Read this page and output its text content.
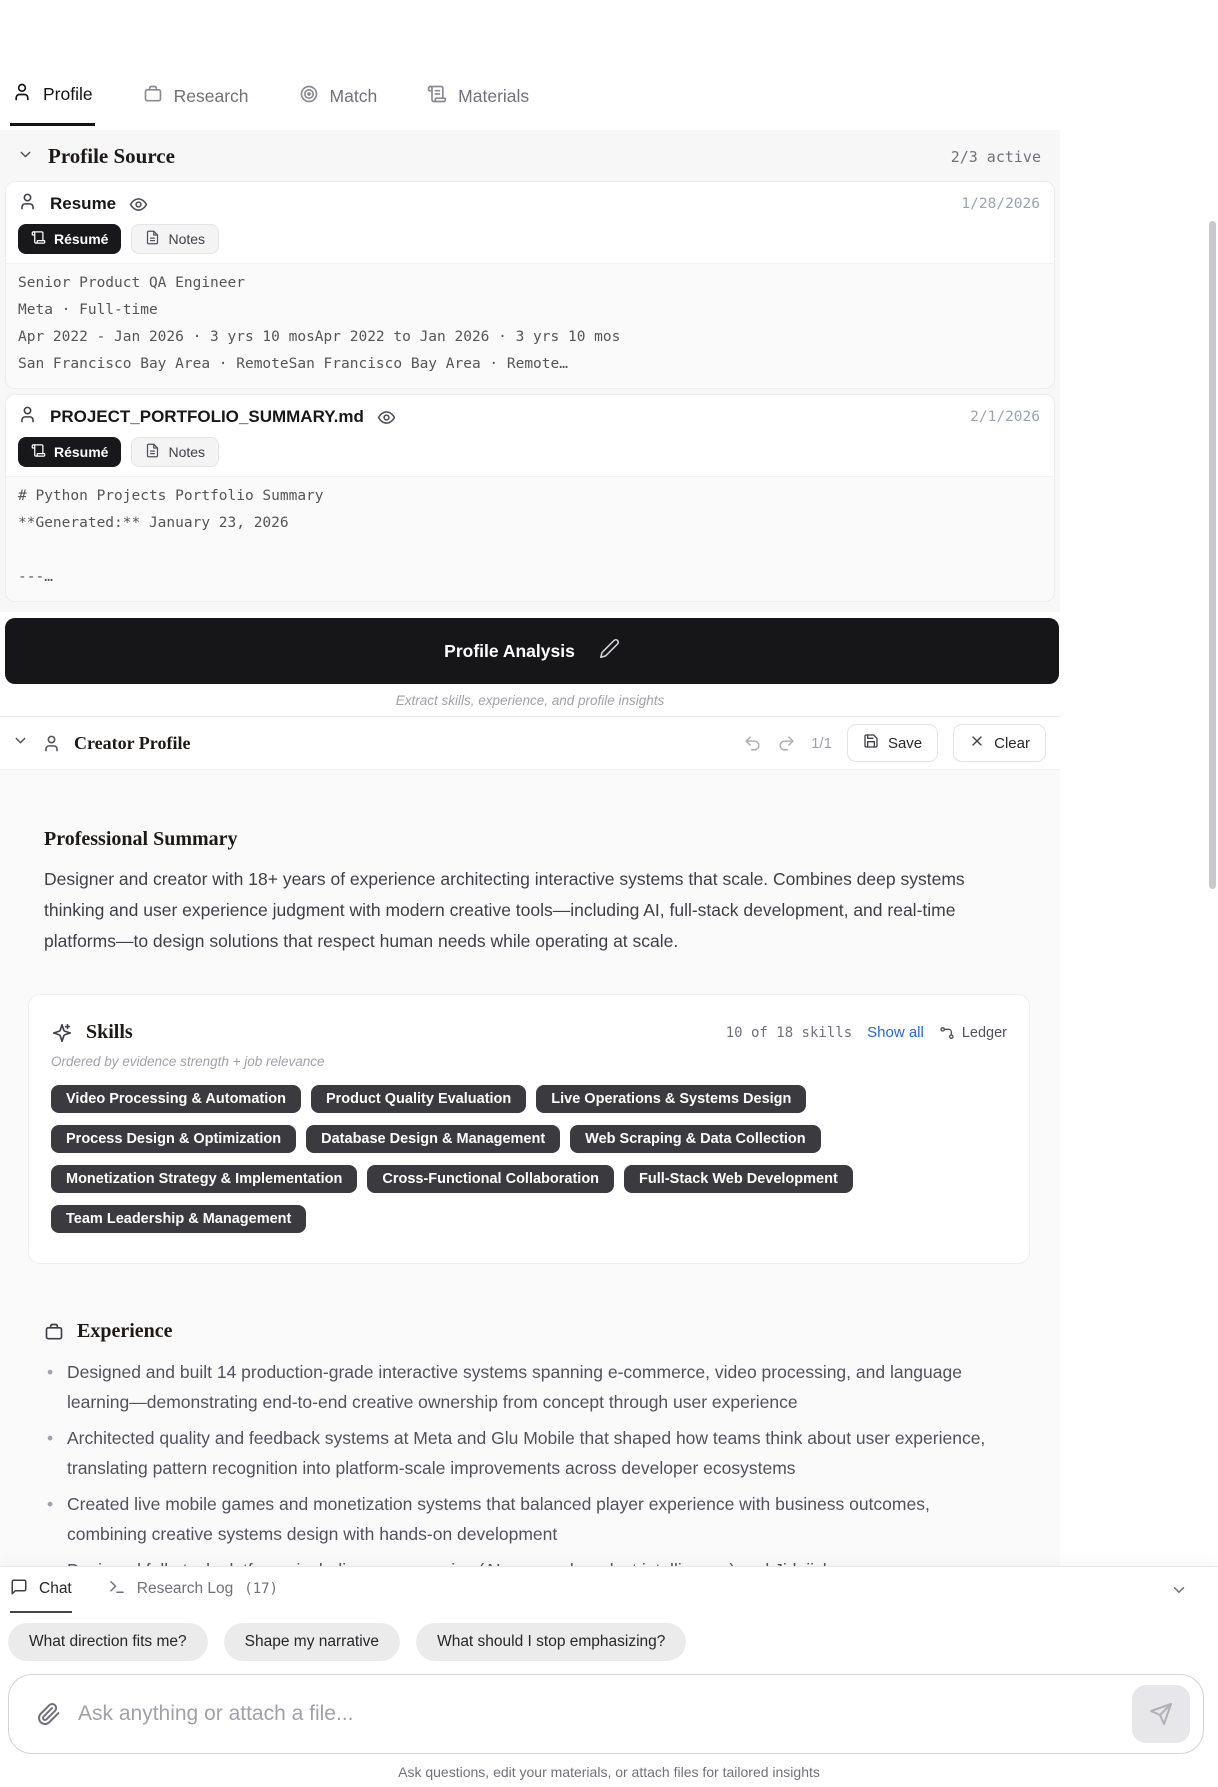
Profile	Research	Match	Materials
Profile Source	2/3 active
Resume	1/28/2026
Résumé	Notes
Senior Product QA Engineer
Meta · Full-time
Apr 2022 - Jan 2026 · 3 yrs 10 mosApr 2022 to Jan 2026 · 3 yrs 10 mos
San Francisco Bay Area · RemoteSan Francisco Bay Area · Remote…
PROJECT_PORTFOLIO_SUMMARY.md	2/1/2026
Résumé	Notes
# Python Projects Portfolio Summary
**Generated:** January 23, 2026
---…
Profile Analysis
Extract skills, experience, and profile insights
Creator Profile	1/1	Save	Clear
Professional Summary

Designer and creator with 18+ years of experience architecting interactive systems that scale. Combines deep systems thinking and user experience judgment with modern creative tools—including AI, full-stack development, and real-time platforms—to design solutions that respect human needs while operating at scale.

Skills	10 of 18 skills Show all	Ledger
Ordered by evidence strength + job relevance
Video Processing & Automation	Product Quality Evaluation	Live Operations & Systems Design
Process Design & Optimization	Database Design & Management	Web Scraping & Data Collection
Monetization Strategy & Implementation	Cross-Functional Collaboration	Full-Stack Web Development
Team Leadership & Management
Experience
• Designed and built 14 production-grade interactive systems spanning e-commerce, video processing, and language learning—demonstrating end-to-end creative ownership from concept through user experience
• Architected quality and feedback systems at Meta and Glu Mobile that shaped how teams think about user experience, translating pattern recognition into platform-scale improvements across developer ecosystems
• Created live mobile games and monetization systems that balanced player experience with business outcomes, combining creative systems design with hands-on development
•
Chat	Research Log (17)
What direction fits me?	Shape my narrative	What should I stop emphasizing?
Ask anything or attach a file...
Ask questions, edit your materials, or attach files for tailored insights
